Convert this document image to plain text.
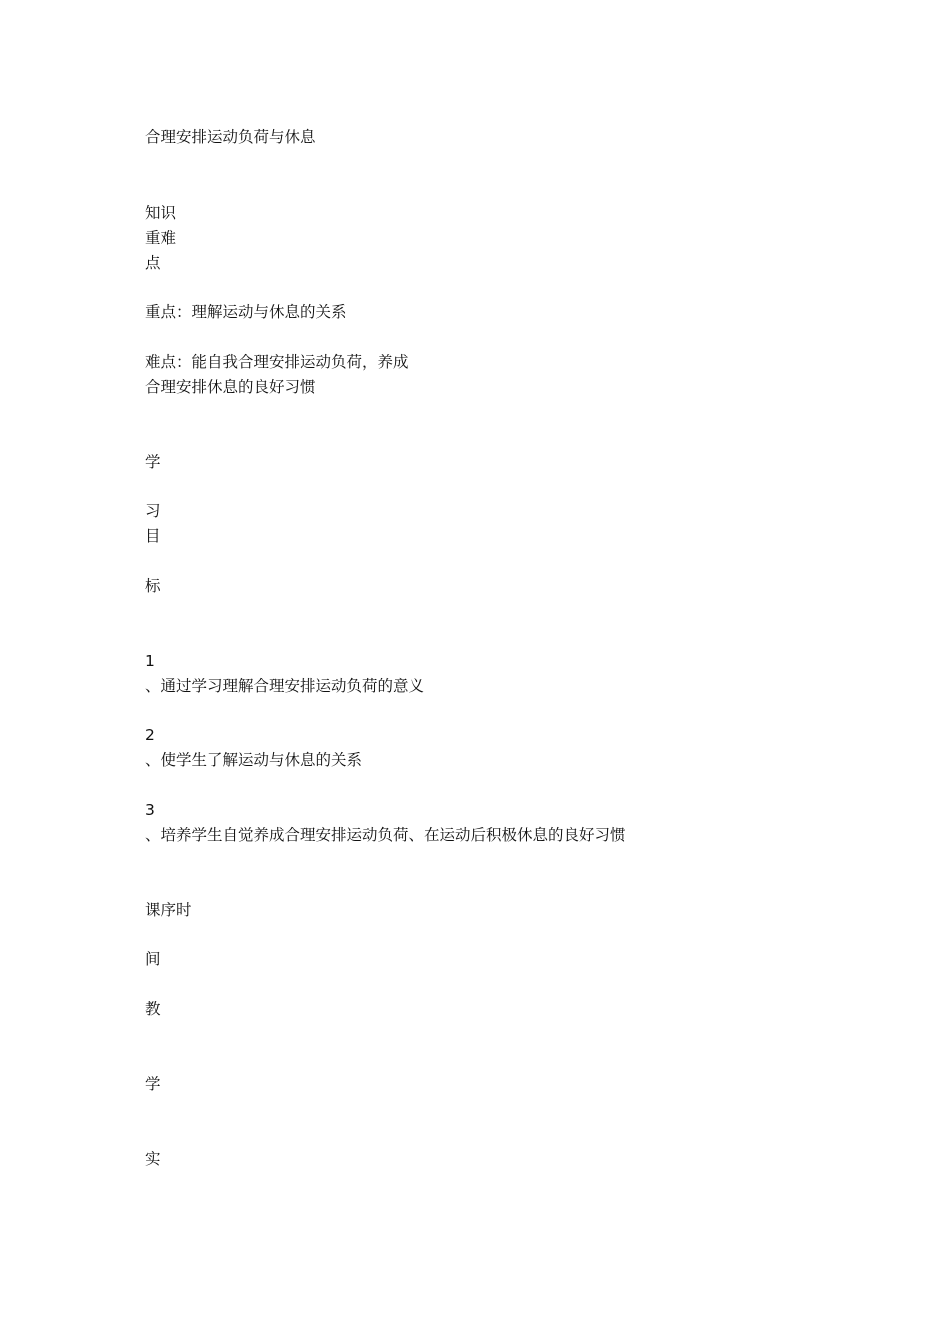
合理安排运动负荷与休息
知识
重难
点
重点：理解运动与休息的关系
难点：能自我合理安排运动负荷，养成
合理安排休息的良好习惯
学
习
目
标
1
、通过学习理解合理安排运动负荷的意义
2
、使学生了解运动与休息的关系
3
、培养学生自觉养成合理安排运动负荷、在运动后积极休息的良好习惯
课序时
间
教
学
实
